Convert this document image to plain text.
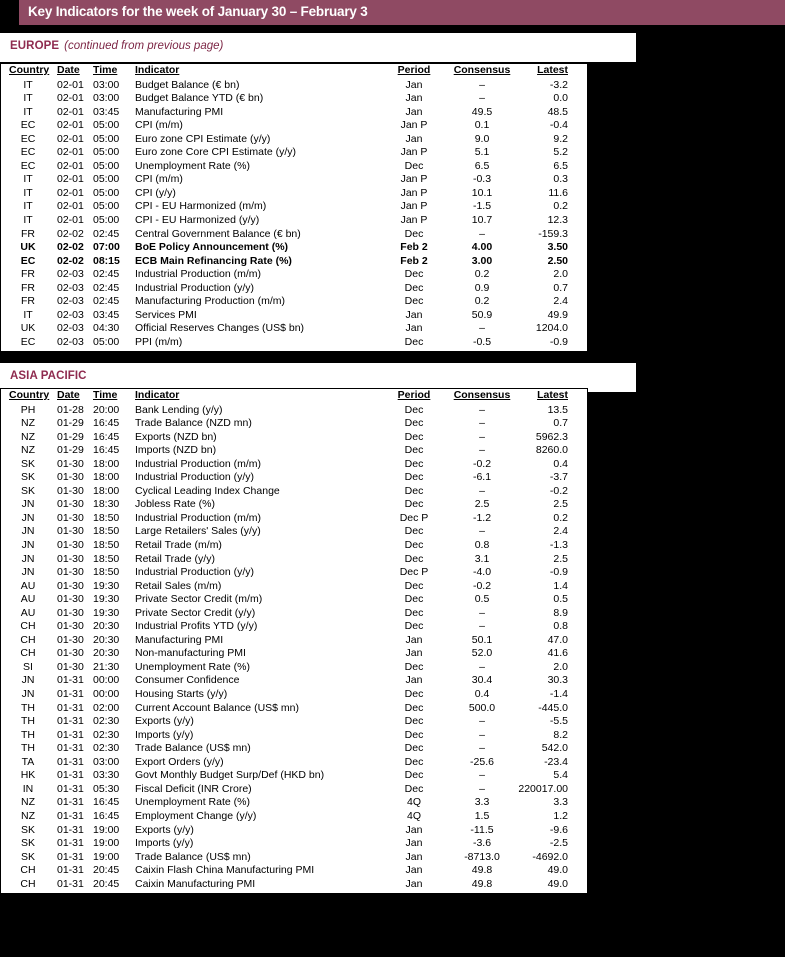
Key Indicators for the week of January 30 – February 3
EUROPE (continued from previous page)
Country	Date	Time	Indicator	Period	Consensus	Latest
IT	02-01	03:00	Budget Balance (€ bn)	Jan	–	-3.2
IT	02-01	03:00	Budget Balance YTD (€ bn)	Jan	–	0.0
IT	02-01	03:45	Manufacturing PMI	Jan	49.5	48.5
EC	02-01	05:00	CPI (m/m)	Jan P	0.1	-0.4
EC	02-01	05:00	Euro zone CPI Estimate (y/y)	Jan	9.0	9.2
EC	02-01	05:00	Euro zone Core CPI Estimate (y/y)	Jan P	5.1	5.2
EC	02-01	05:00	Unemployment Rate (%)	Dec	6.5	6.5
IT	02-01	05:00	CPI (m/m)	Jan P	-0.3	0.3
IT	02-01	05:00	CPI (y/y)	Jan P	10.1	11.6
IT	02-01	05:00	CPI - EU Harmonized (m/m)	Jan P	-1.5	0.2
IT	02-01	05:00	CPI - EU Harmonized (y/y)	Jan P	10.7	12.3
FR	02-02	02:45	Central Government Balance (€ bn)	Dec	–	-159.3
UK	02-02	07:00	BoE Policy Announcement (%)	Feb 2	4.00	3.50
EC	02-02	08:15	ECB Main Refinancing Rate (%)	Feb 2	3.00	2.50
FR	02-03	02:45	Industrial Production (m/m)	Dec	0.2	2.0
FR	02-03	02:45	Industrial Production (y/y)	Dec	0.9	0.7
FR	02-03	02:45	Manufacturing Production (m/m)	Dec	0.2	2.4
IT	02-03	03:45	Services PMI	Jan	50.9	49.9
UK	02-03	04:30	Official Reserves Changes (US$ bn)	Jan	–	1204.0
EC	02-03	05:00	PPI (m/m)	Dec	-0.5	-0.9
ASIA PACIFIC
Country	Date	Time	Indicator	Period	Consensus	Latest
PH	01-28	20:00	Bank Lending (y/y)	Dec	–	13.5
NZ	01-29	16:45	Trade Balance (NZD mn)	Dec	–	0.7
NZ	01-29	16:45	Exports (NZD bn)	Dec	–	5962.3
NZ	01-29	16:45	Imports (NZD bn)	Dec	–	8260.0
SK	01-30	18:00	Industrial Production (m/m)	Dec	-0.2	0.4
SK	01-30	18:00	Industrial Production (y/y)	Dec	-6.1	-3.7
SK	01-30	18:00	Cyclical Leading Index Change	Dec	–	-0.2
JN	01-30	18:30	Jobless Rate (%)	Dec	2.5	2.5
JN	01-30	18:50	Industrial Production (m/m)	Dec P	-1.2	0.2
JN	01-30	18:50	Large Retailers' Sales (y/y)	Dec	–	2.4
JN	01-30	18:50	Retail Trade (m/m)	Dec	0.8	-1.3
JN	01-30	18:50	Retail Trade (y/y)	Dec	3.1	2.5
JN	01-30	18:50	Industrial Production (y/y)	Dec P	-4.0	-0.9
AU	01-30	19:30	Retail Sales (m/m)	Dec	-0.2	1.4
AU	01-30	19:30	Private Sector Credit (m/m)	Dec	0.5	0.5
AU	01-30	19:30	Private Sector Credit (y/y)	Dec	–	8.9
CH	01-30	20:30	Industrial Profits YTD (y/y)	Dec	–	0.8
CH	01-30	20:30	Manufacturing PMI	Jan	50.1	47.0
CH	01-30	20:30	Non-manufacturing PMI	Jan	52.0	41.6
SI	01-30	21:30	Unemployment Rate (%)	Dec	–	2.0
JN	01-31	00:00	Consumer Confidence	Jan	30.4	30.3
JN	01-31	00:00	Housing Starts (y/y)	Dec	0.4	-1.4
TH	01-31	02:00	Current Account Balance (US$ mn)	Dec	500.0	-445.0
TH	01-31	02:30	Exports (y/y)	Dec	–	-5.5
TH	01-31	02:30	Imports (y/y)	Dec	–	8.2
TH	01-31	02:30	Trade Balance (US$ mn)	Dec	–	542.0
TA	01-31	03:00	Export Orders (y/y)	Dec	-25.6	-23.4
HK	01-31	03:30	Govt Monthly Budget Surp/Def (HKD bn)	Dec	–	5.4
IN	01-31	05:30	Fiscal Deficit (INR Crore)	Dec	–	220017.00
NZ	01-31	16:45	Unemployment Rate (%)	4Q	3.3	3.3
NZ	01-31	16:45	Employment Change (y/y)	4Q	1.5	1.2
SK	01-31	19:00	Exports (y/y)	Jan	-11.5	-9.6
SK	01-31	19:00	Imports (y/y)	Jan	-3.6	-2.5
SK	01-31	19:00	Trade Balance (US$ mn)	Jan	-8713.0	-4692.0
CH	01-31	20:45	Caixin Flash China Manufacturing PMI	Jan	49.8	49.0
CH	01-31	20:45	Caixin Manufacturing PMI	Jan	49.8	49.0
